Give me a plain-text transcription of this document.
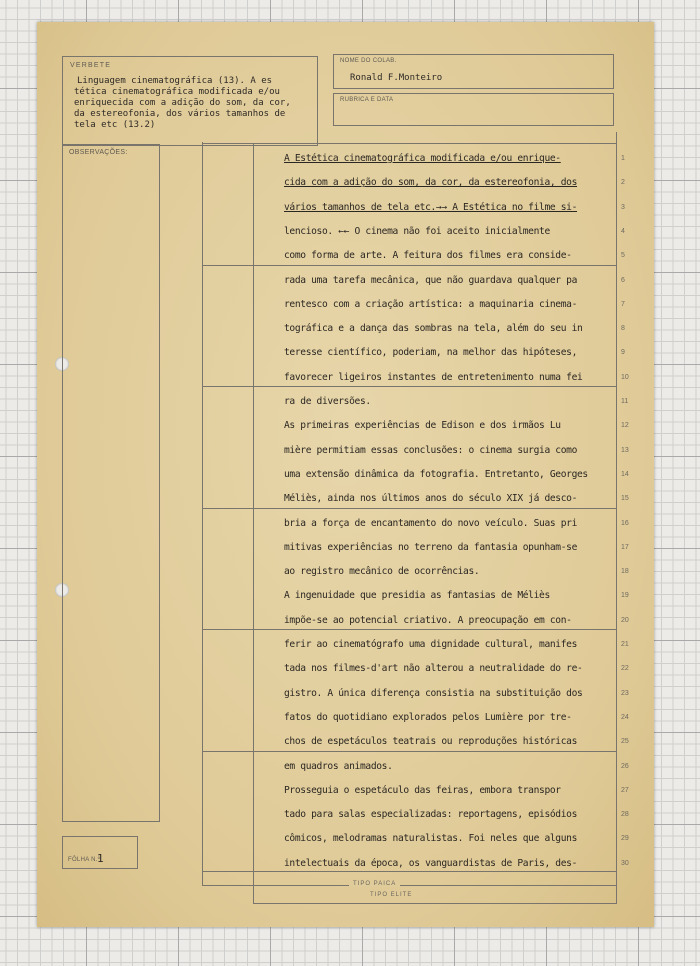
VERBETE
Linguagem cinematográfica (13). A es
tética cinematográfica modificada e/ou
enriquecida com a adição do som, da cor,
da estereofonia, dos vários tamanhos de
tela etc (13.2)
NOME DO COLAB.
Ronald F.Monteiro
RUBRICA E DATA
OBSERVAÇÕES:
FÔLHA N.º
1
TIPO PAICA
TIPO ELITE
A Estética cinematográfica modificada e/ou enrique-	1
cida com a adição do som, da cor, da estereofonia, dos	2
vários tamanhos de tela etc.→→ A Estética no filme si-	3
lencioso. ←← O cinema não foi aceito inicialmente	4
como forma de arte. A feitura dos filmes era conside-	5
rada uma tarefa mecânica, que não guardava qualquer pa	6
rentesco com a criação artística: a maquinaria cinema-	7
tográfica e a dança das sombras na tela, além do seu in	8
teresse científico, poderiam, na melhor das hipóteses,	9
favorecer ligeiros instantes de entretenimento numa fei	10
ra de diversões.	11
As primeiras experiências de Edison e dos irmãos Lu	12
mière permitiam essas conclusões: o cinema surgia como	13
uma extensão dinâmica da fotografia. Entretanto, Georges	14
Méliès, ainda nos últimos anos do século XIX já desco-	15
bria a força de encantamento do novo veículo. Suas pri	16
mitivas experiências no terreno da fantasia opunham-se	17
ao registro mecânico de ocorrências.	18
A ingenuidade que presidia as fantasias de Méliès	19
impõe-se ao potencial criativo. A preocupação em con-	20
ferir ao cinematógrafo uma dignidade cultural, manifes	21
tada nos filmes-d'art não alterou a neutralidade do re-	22
gistro. A única diferença consistia na substituição dos	23
fatos do quotidiano explorados pelos Lumière por tre-	24
chos de espetáculos teatrais ou reproduções históricas	25
em quadros animados.	26
Prosseguia o espetáculo das feiras, embora transpor	27
tado para salas especializadas: reportagens, episódios	28
cômicos, melodramas naturalistas. Foi neles que alguns	29
intelectuais da época, os vanguardistas de Paris, des-	30
